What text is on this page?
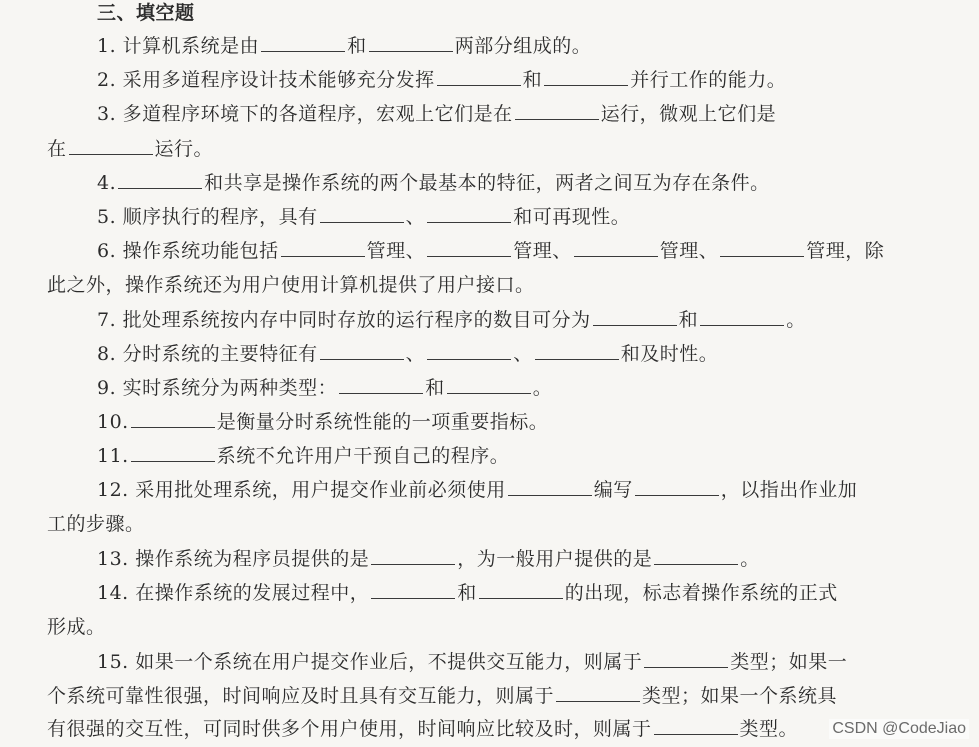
三、填空题
1. 计算机系统是由	和	两部分组成的。
2. 采用多道程序设计技术能够充分发挥	和	并行工作的能力。
3. 多道程序环境下的各道程序，宏观上它们是在	运行，微观上它们是
在	运行。
4.	和共享是操作系统的两个最基本的特征，两者之间互为存在条件。
5. 顺序执行的程序，具有	、	和可再现性。
6. 操作系统功能包括	管理、	管理、	管理、	管理，除
此之外，操作系统还为用户使用计算机提供了用户接口。
7. 批处理系统按内存中同时存放的运行程序的数目可分为	和	。
8. 分时系统的主要特征有	、	、	和及时性。
9. 实时系统分为两种类型：	和	。
10.	是衡量分时系统性能的一项重要指标。
11.	系统不允许用户干预自己的程序。
12. 采用批处理系统，用户提交作业前必须使用	编写	，以指出作业加
工的步骤。
13. 操作系统为程序员提供的是	，为一般用户提供的是	。
14. 在操作系统的发展过程中，	和	的出现，标志着操作系统的正式
形成。
15. 如果一个系统在用户提交作业后，不提供交互能力，则属于	类型；如果一
个系统可靠性很强，时间响应及时且具有交互能力，则属于	类型；如果一个系统具
有很强的交互性，可同时供多个用户使用，时间响应比较及时，则属于	类型。 CSDN @CodeJiao
